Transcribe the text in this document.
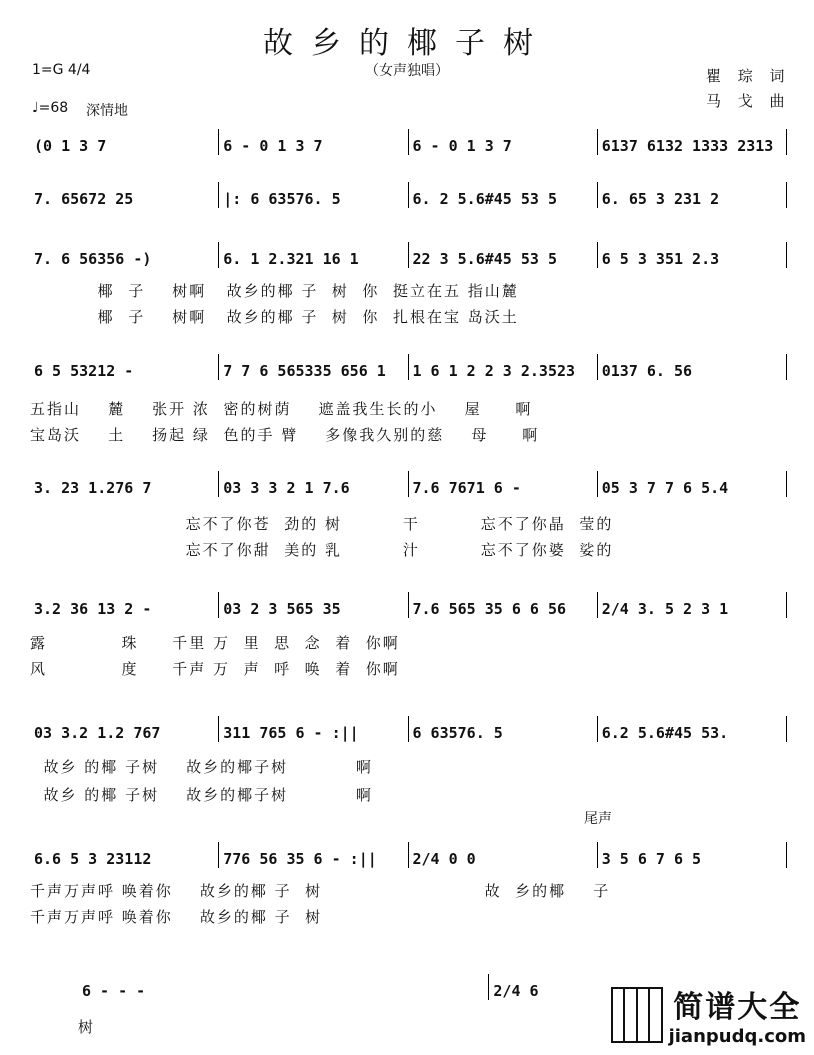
故乡的椰子树
（女声独唱）
1=G 4/4
♩=68 深情地
瞿 琮 词
马 戈 曲
(0 1 3 7	6 - 0 1 3 7	6 - 0 1 3 7	6137 6132 1333 2313
7. 65672 25	|: 6 63576. 5	6. 2 5.6#45 53 5	6. 65 3 231 2
7. 6 56356 -)	6. 1 2.321 16 1	22 3 5.6#45 53 5	6 5 3 351 2.3
椰  子    树啊   故乡的椰 子  树  你  挺立在五 指山麓
椰  子    树啊   故乡的椰 子  树  你  扎根在宝 岛沃土
6 5 53212 -	7 7 6 565335 656 1	1 6 1 2 2 3 2.3523	0137 6. 56
五指山    麓    张开 浓  密的树荫    遮盖我生长的小    屋     啊
宝岛沃    土    扬起 绿  色的手 臂    多像我久别的慈    母     啊
3. 23 1.276 7	03 3 3 2 1 7.6	7.6 7671 6 -	05 3 7 7 6 5.4
忘不了你苍  劲的 树         干         忘不了你晶  莹的
忘不了你甜  美的 乳         汁         忘不了你婆  娑的
3.2 36 13 2 -	03 2 3 565 35	7.6 565 35 6 6 56	2/4 3. 5 2 3 1
露           珠     千里 万  里  思  念  着  你啊
风           度     千声 万  声  呼  唤  着  你啊
03 3.2 1.2 767	311 765 6 - :||	6 63576. 5	6.2 5.6#45 53.
故乡 的椰 子树    故乡的椰子树          啊
故乡 的椰 子树    故乡的椰子树          啊
尾声
6.6 5 3 23112	776 56 35 6 - :||	2/4 0 0	3 5 6 7 6 5
千声万声呼 唤着你    故乡的椰 子  树                        故  乡的椰    子
千声万声呼 唤着你    故乡的椰 子  树
6 - - -	2/4 6
树
简谱大全
jianpudq.com
